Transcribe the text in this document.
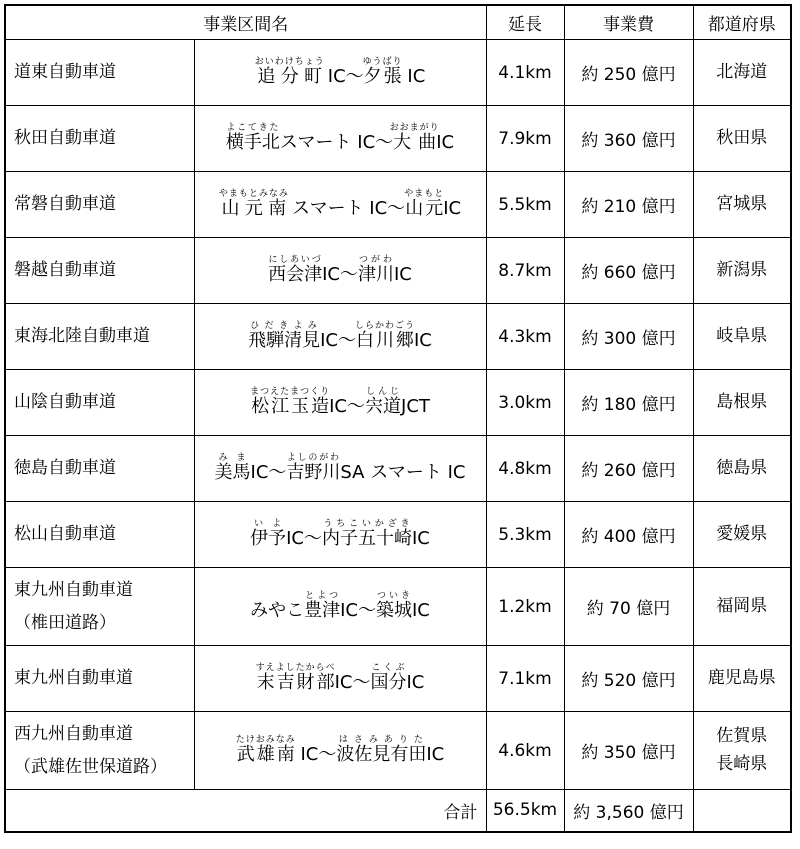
事業区間名		延長	事業費	都道府県

道東自動車道	追分町おいわけちょう IC～夕張ゆうばり IC	4.1km	約 250 億円	北海道

秋田自動車道	横手北よこてきたスマート IC～大曲おおまがりIC	7.9km	約 360 億円	秋田県

常磐自動車道	山元南やまもとみなみ スマート IC～山元やまもとIC	5.5km	約 210 億円	宮城県

磐越自動車道	西会津にしあいづIC～津川つがわIC	8.7km	約 660 億円	新潟県

東海北陸自動車道	飛騨清見ひだきよみIC～白川郷しらかわごうIC	4.3km	約 300 億円	岐阜県

山陰自動車道	松江玉造まつえたまつくりIC～宍道しんじJCT	3.0km	約 180 億円	島根県

徳島自動車道	美馬みまIC～吉野川よしのがわSA スマート IC	4.8km	約 260 億円	徳島県

松山自動車道	伊予いよIC～内子五十崎うちこいかざきIC	5.3km	約 400 億円	愛媛県

東九州自動車道
（椎田道路）	みやこ豊津とよつIC～築城ついきIC	1.2km	約 70 億円	福岡県

東九州自動車道	末吉財部すえよしたからべIC～国分こくぶIC	7.1km	約 520 億円	鹿児島県

西九州自動車道
（武雄佐世保道路）	武雄南たけおみなみ IC～波佐見有田はさみありたIC	4.6km	約 350 億円	佐賀県
長崎県

合計		56.5km	約 3,560 億円	
